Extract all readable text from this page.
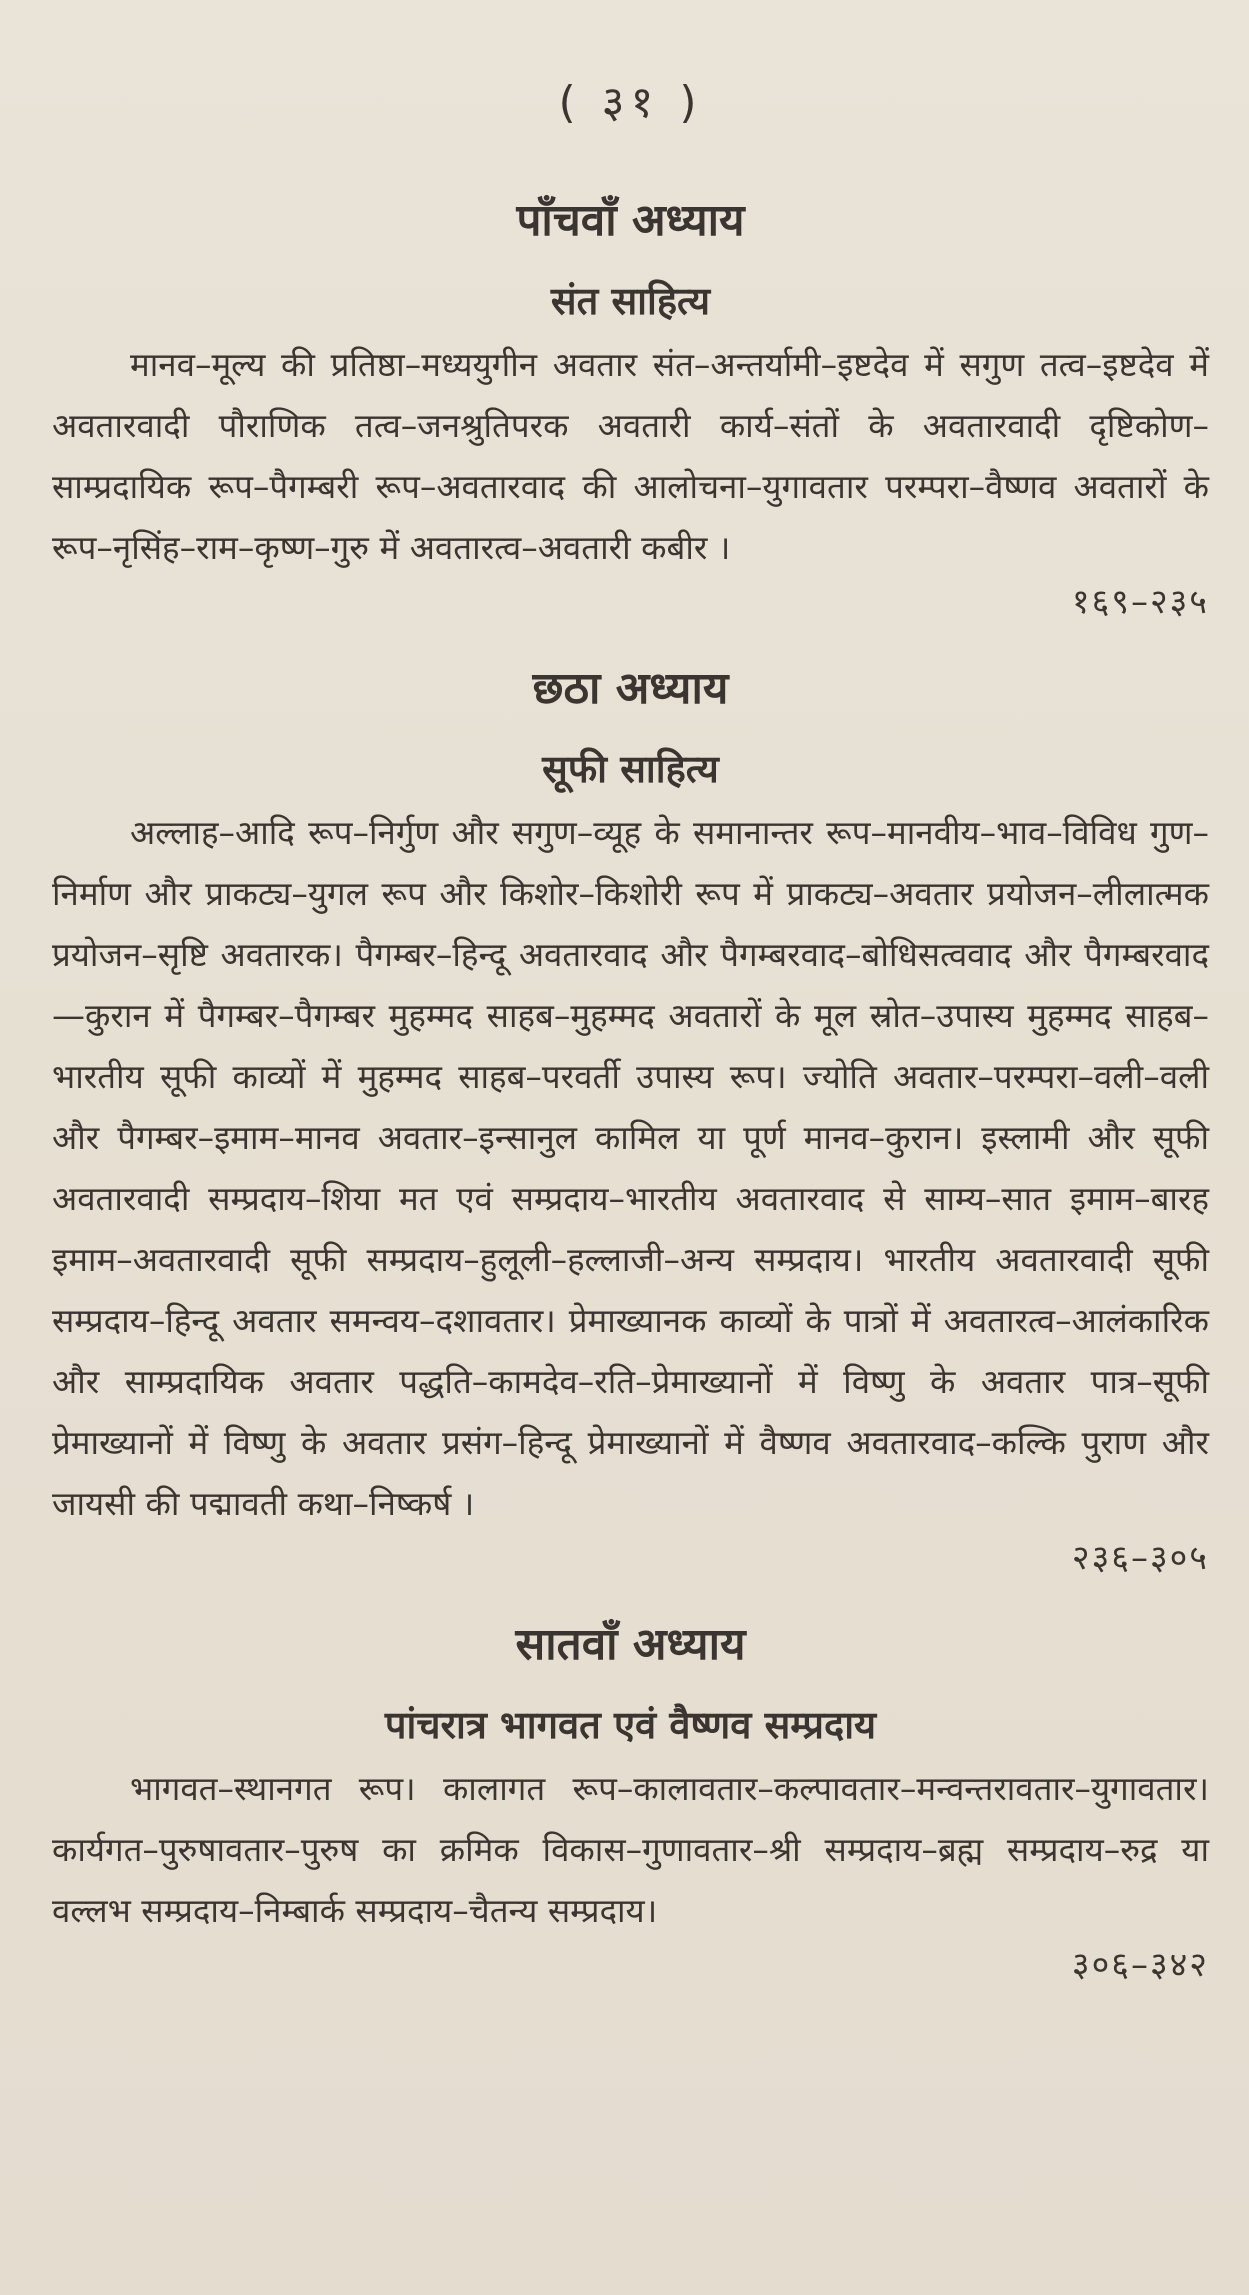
( ३१ )
पाँचवाँ अध्याय
संत साहित्य

मानव–मूल्य की प्रतिष्ठा–मध्ययुगीन अवतार संत–अन्तर्यामी–इष्टदेव में सगुण तत्व–इष्टदेव में अवतारवादी पौराणिक तत्व–जनश्रुतिपरक अवतारी कार्य–संतों के अवतारवादी दृष्टिकोण–साम्प्रदायिक रूप–पैगम्बरी रूप–अवतारवाद की आलोचना–युगावतार परम्परा–वैष्णव अवतारों के रूप–नृसिंह–राम–कृष्ण–गुरु में अवतारत्व–अवतारी कबीर ।

१६९–२३५
छठा अध्याय
सूफी साहित्य

अल्लाह–आदि रूप–निर्गुण और सगुण–व्यूह के समानान्तर रूप–मानवीय–भाव–विविध गुण–निर्माण और प्राकट्य–युगल रूप और किशोर–किशोरी रूप में प्राकट्य–अवतार प्रयोजन–लीलात्मक प्रयोजन–सृष्टि अवतारक। पैगम्बर–हिन्दू अवतारवाद और पैगम्बरवाद–बोधिसत्ववाद और पैगम्बरवाद—कुरान में पैगम्बर–पैगम्बर मुहम्मद साहब–मुहम्मद अवतारों के मूल स्रोत–उपास्य मुहम्मद साहब–भारतीय सूफी काव्यों में मुहम्मद साहब–परवर्ती उपास्य रूप। ज्योति अवतार–परम्परा–वली–वली और पैगम्बर–इमाम–मानव अवतार–इन्सानुल कामिल या पूर्ण मानव–कुरान। इस्लामी और सूफी अवतारवादी सम्प्रदाय–शिया मत एवं सम्प्रदाय–भारतीय अवतारवाद से साम्य–सात इमाम–बारह इमाम–अवतारवादी सूफी सम्प्रदाय–हुलूली–हल्लाजी–अन्य सम्प्रदाय। भारतीय अवतारवादी सूफी सम्प्रदाय–हिन्दू अवतार समन्वय–दशावतार। प्रेमाख्यानक काव्यों के पात्रों में अवतारत्व–आलंकारिक और साम्प्रदायिक अवतार पद्धति–कामदेव–रति–प्रेमाख्यानों में विष्णु के अवतार पात्र–सूफी प्रेमाख्यानों में विष्णु के अवतार प्रसंग–हिन्दू प्रेमाख्यानों में वैष्णव अवतारवाद–कल्कि पुराण और जायसी की पद्मावती कथा–निष्कर्ष ।

२३६–३०५
सातवाँ अध्याय
पांचरात्र भागवत एवं वैष्णव सम्प्रदाय

भागवत–स्थानगत रूप। कालागत रूप–कालावतार–कल्पावतार–मन्वन्तरावतार–युगावतार। कार्यगत–पुरुषावतार–पुरुष का क्रमिक विकास–गुणावतार–श्री सम्प्रदाय–ब्रह्म सम्प्रदाय–रुद्र या वल्लभ सम्प्रदाय–निम्बार्क सम्प्रदाय–चैतन्य सम्प्रदाय।

३०६–३४२
